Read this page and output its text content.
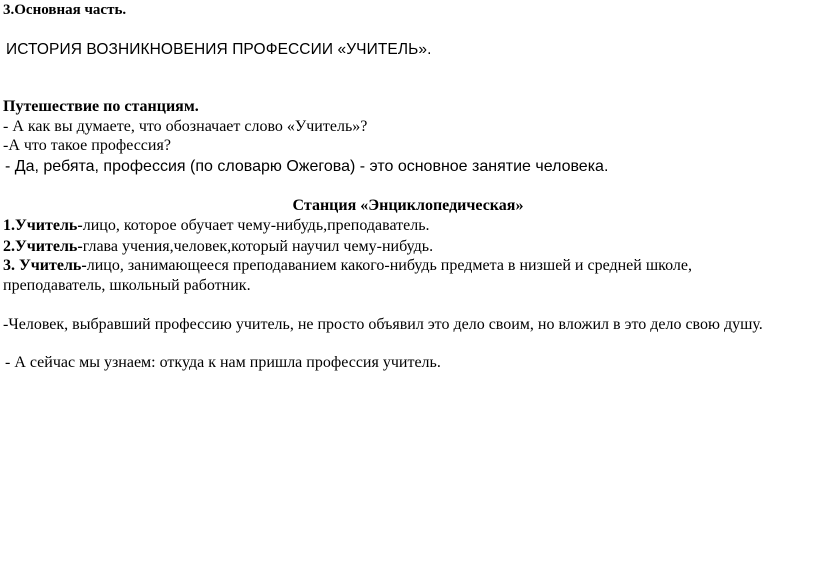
3.Основная часть.
ИСТОРИЯ ВОЗНИКНОВЕНИЯ ПРОФЕССИИ «УЧИТЕЛЬ».
Путешествие по станциям.
- А как вы думаете, что обозначает слово «Учитель»?
-А что такое профессия?
- Да, ребята, профессия (по словарю Ожегова) - это основное занятие человека.
Станция «Энциклопедическая»
1.Учитель-лицо, которое обучает чему-нибудь,преподаватель.
2.Учитель-глава учения,человек,который научил чему-нибудь.
3. Учитель-лицо, занимающееся преподаванием какого-нибудь предмета в низшей и средней школе,
преподаватель, школьный работник.
-Человек, выбравший профессию учитель, не просто объявил это дело своим, но вложил в это дело свою душу.
- А сейчас мы узнаем: откуда к нам пришла профессия учитель.
